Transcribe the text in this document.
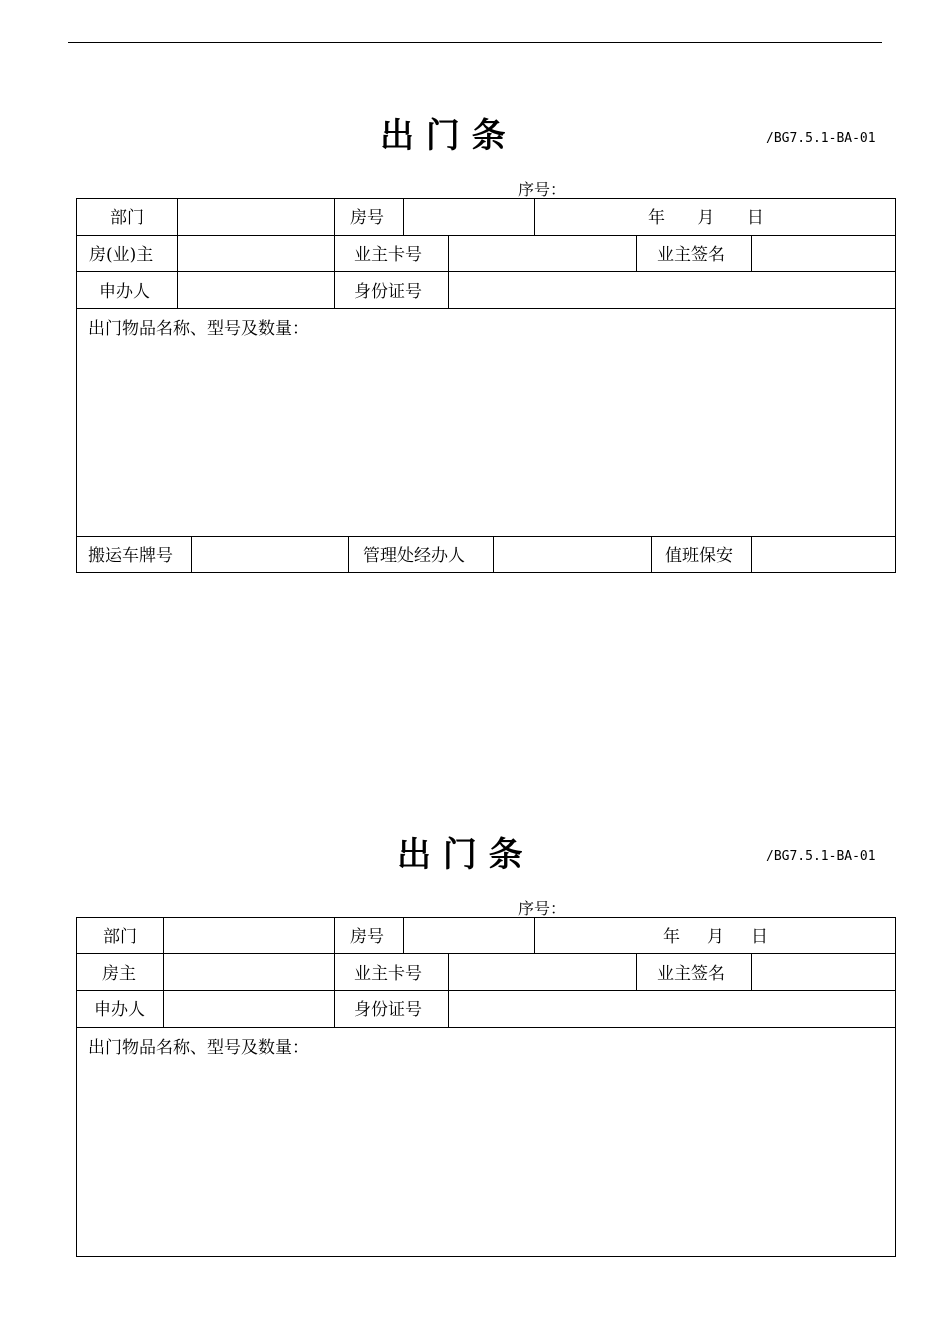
出 门 条	/BG7.5.1-BA-01
序号：
部门	房号	年      月      日
房(业)主	业主卡号	业主签名
申办人	身份证号
出门物品名称、型号及数量：
搬运车牌号	管理处经办人	值班保安
出 门 条	/BG7.5.1-BA-01
序号：
部门	房号	年     月     日
房主	业主卡号	业主签名
申办人	身份证号
出门物品名称、型号及数量：
